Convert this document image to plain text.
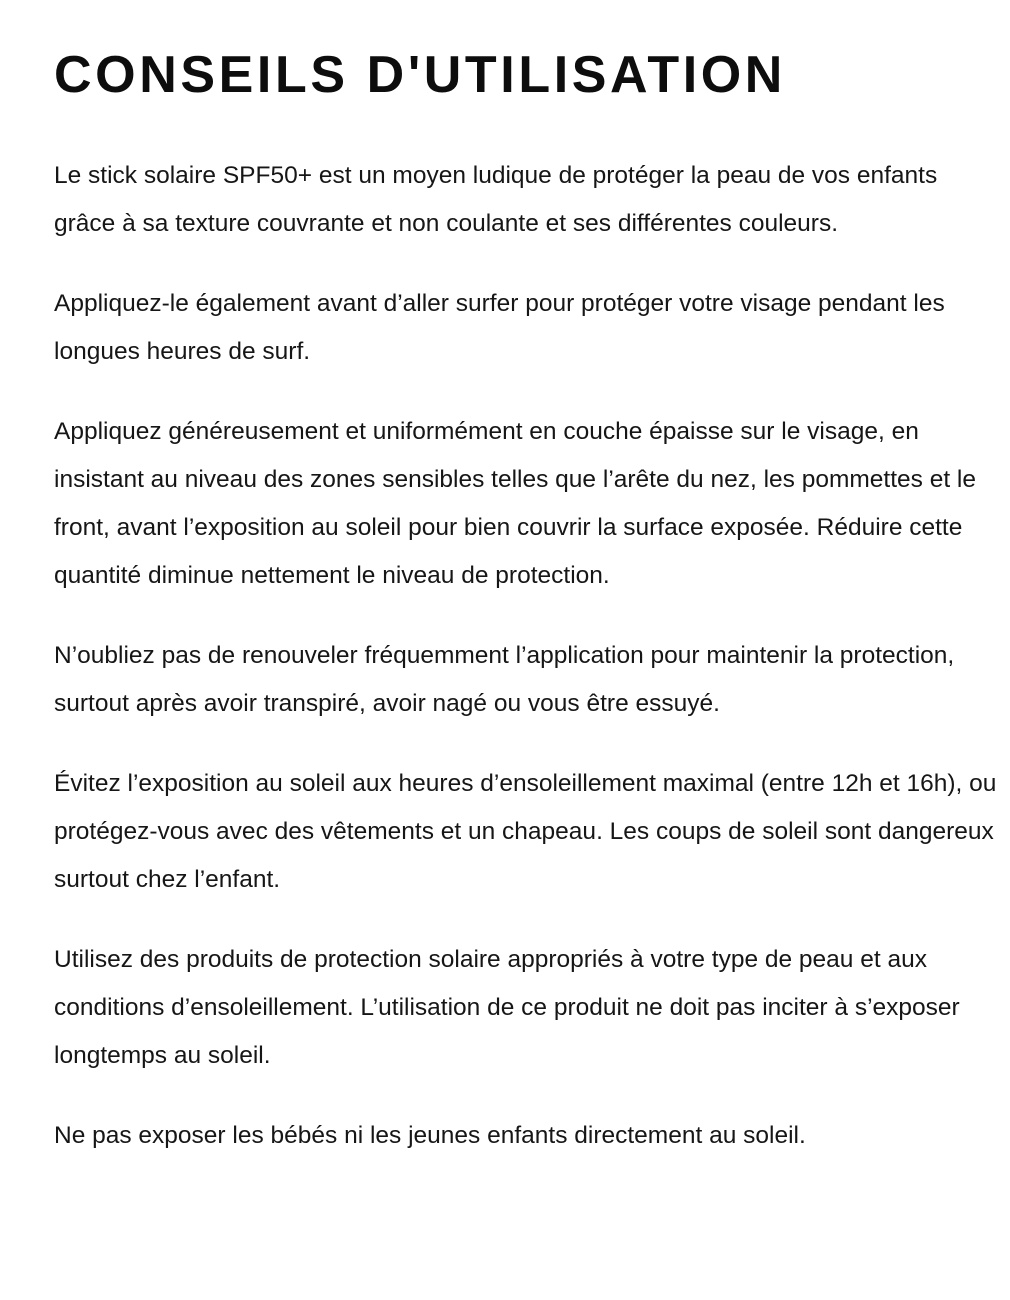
CONSEILS D'UTILISATION

Le stick solaire SPF50+ est un moyen ludique de protéger la peau de vos enfants grâce à sa texture couvrante et non coulante et ses différentes couleurs.

Appliquez-le également avant d’aller surfer pour protéger votre visage pendant les longues heures de surf.

Appliquez généreusement et uniformément en couche épaisse sur le visage, en insistant au niveau des zones sensibles telles que l’arête du nez, les pommettes et le front, avant l’exposition au soleil pour bien couvrir la surface exposée. Réduire cette quantité diminue nettement le niveau de protection.

N’oubliez pas de renouveler fréquemment l’application pour maintenir la protection, surtout après avoir transpiré, avoir nagé ou vous être essuyé.

Évitez l’exposition au soleil aux heures d’ensoleillement maximal (entre 12h et 16h), ou protégez-vous avec des vêtements et un chapeau. Les coups de soleil sont dangereux surtout chez l’enfant.

Utilisez des produits de protection solaire appropriés à votre type de peau et aux conditions d’ensoleillement. L’utilisation de ce produit ne doit pas inciter à s’exposer longtemps au soleil.

Ne pas exposer les bébés ni les jeunes enfants directement au soleil.
